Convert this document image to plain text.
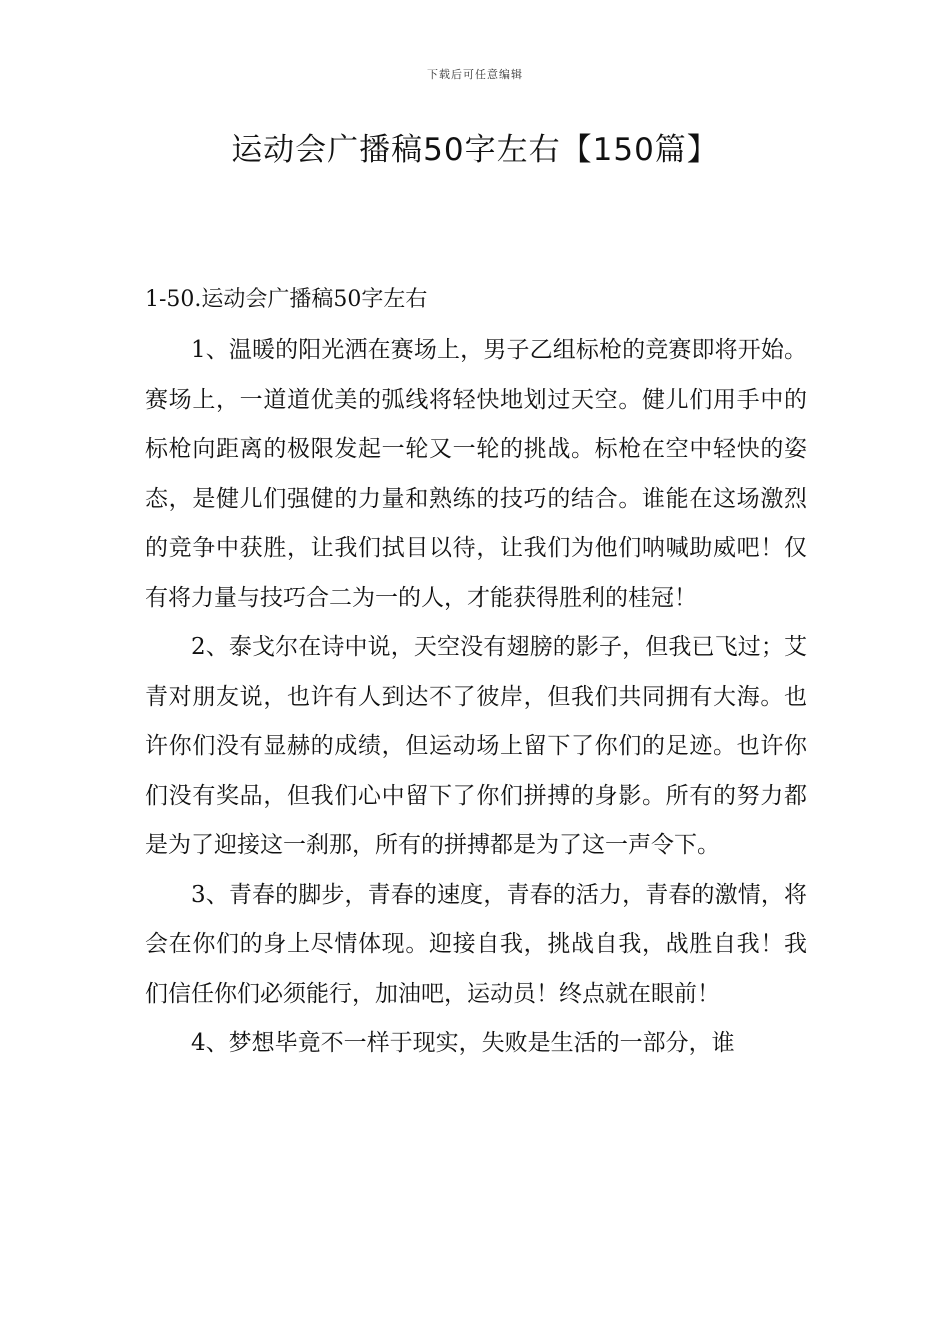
下载后可任意编辑
运动会广播稿50字左右【150篇】
1-50.运动会广播稿50字左右

1、温暖的阳光洒在赛场上，男子乙组标枪的竞赛即将开始。赛场上，一道道优美的弧线将轻快地划过天空。健儿们用手中的标枪向距离的极限发起一轮又一轮的挑战。标枪在空中轻快的姿态，是健儿们强健的力量和熟练的技巧的结合。谁能在这场激烈的竞争中获胜，让我们拭目以待，让我们为他们呐喊助威吧！仅有将力量与技巧合二为一的人，才能获得胜利的桂冠！

2、泰戈尔在诗中说，天空没有翅膀的影子，但我已飞过；艾青对朋友说，也许有人到达不了彼岸，但我们共同拥有大海。也许你们没有显赫的成绩，但运动场上留下了你们的足迹。也许你们没有奖品，但我们心中留下了你们拼搏的身影。所有的努力都是为了迎接这一刹那，所有的拼搏都是为了这一声令下。

3、青春的脚步，青春的速度，青春的活力，青春的激情，将会在你们的身上尽情体现。迎接自我，挑战自我，战胜自我！我们信任你们必须能行，加油吧，运动员！终点就在眼前！

4、梦想毕竟不一样于现实，失败是生活的一部分，谁
